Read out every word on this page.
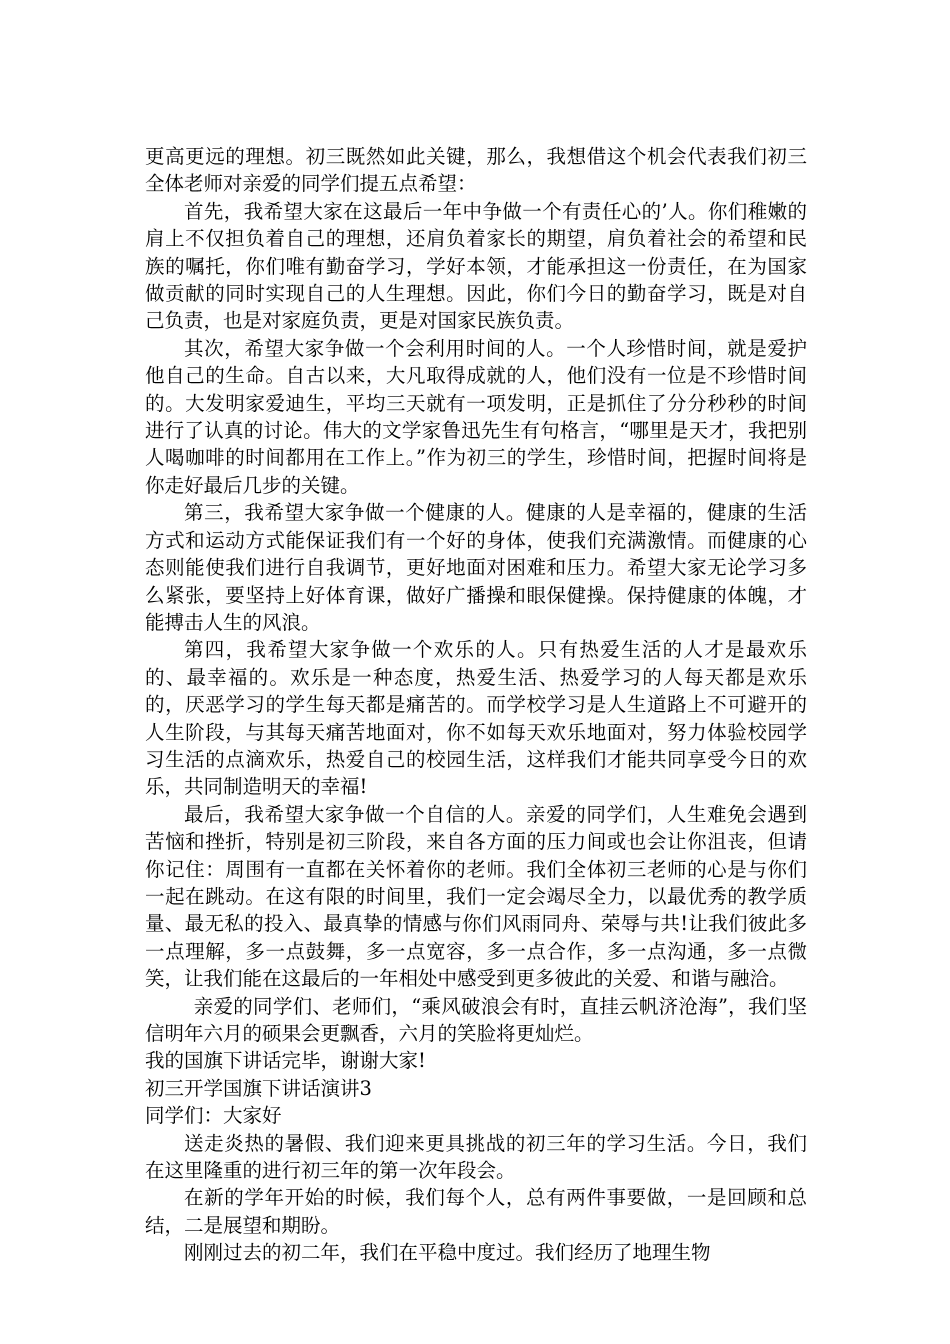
更高更远的理想。初三既然如此关键，那么，我想借这个机会代表我们初三全体老师对亲爱的同学们提五点希望：

首先，我希望大家在这最后一年中争做一个有责任心的’人。你们稚嫩的肩上不仅担负着自己的理想，还肩负着家长的期望，肩负着社会的希望和民族的嘱托，你们唯有勤奋学习，学好本领，才能承担这一份责任，在为国家做贡献的同时实现自己的人生理想。因此，你们今日的勤奋学习，既是对自己负责，也是对家庭负责，更是对国家民族负责。

其次，希望大家争做一个会利用时间的人。一个人珍惜时间，就是爱护他自己的生命。自古以来，大凡取得成就的人，他们没有一位是不珍惜时间的。大发明家爱迪生，平均三天就有一项发明，正是抓住了分分秒秒的时间进行了认真的讨论。伟大的文学家鲁迅先生有句格言，“哪里是天才，我把别人喝咖啡的时间都用在工作上。”作为初三的学生，珍惜时间，把握时间将是你走好最后几步的关键。

第三，我希望大家争做一个健康的人。健康的人是幸福的，健康的生活方式和运动方式能保证我们有一个好的身体，使我们充满激情。而健康的心态则能使我们进行自我调节，更好地面对困难和压力。希望大家无论学习多么紧张，要坚持上好体育课，做好广播操和眼保健操。保持健康的体魄，才能搏击人生的风浪。

第四，我希望大家争做一个欢乐的人。只有热爱生活的人才是最欢乐的、最幸福的。欢乐是一种态度，热爱生活、热爱学习的人每天都是欢乐的，厌恶学习的学生每天都是痛苦的。而学校学习是人生道路上不可避开的人生阶段，与其每天痛苦地面对，你不如每天欢乐地面对，努力体验校园学习生活的点滴欢乐，热爱自己的校园生活，这样我们才能共同享受今日的欢乐，共同制造明天的幸福!

最后，我希望大家争做一个自信的人。亲爱的同学们，人生难免会遇到苦恼和挫折，特别是初三阶段，来自各方面的压力间或也会让你沮丧，但请你记住：周围有一直都在关怀着你的老师。我们全体初三老师的心是与你们一起在跳动。在这有限的时间里，我们一定会竭尽全力，以最优秀的教学质量、最无私的投入、最真挚的情感与你们风雨同舟、荣辱与共!让我们彼此多一点理解，多一点鼓舞，多一点宽容，多一点合作，多一点沟通，多一点微笑，让我们能在这最后的一年相处中感受到更多彼此的关爱、和谐与融洽。

亲爱的同学们、老师们，“乘风破浪会有时，直挂云帆济沧海”，我们坚信明年六月的硕果会更飘香，六月的笑脸将更灿烂。

我的国旗下讲话完毕，谢谢大家!

初三开学国旗下讲话演讲3

同学们：大家好

送走炎热的暑假、我们迎来更具挑战的初三年的学习生活。今日，我们在这里隆重的进行初三年的第一次年段会。

在新的学年开始的时候，我们每个人，总有两件事要做，一是回顾和总结，二是展望和期盼。

刚刚过去的初二年，我们在平稳中度过。我们经历了地理生物
